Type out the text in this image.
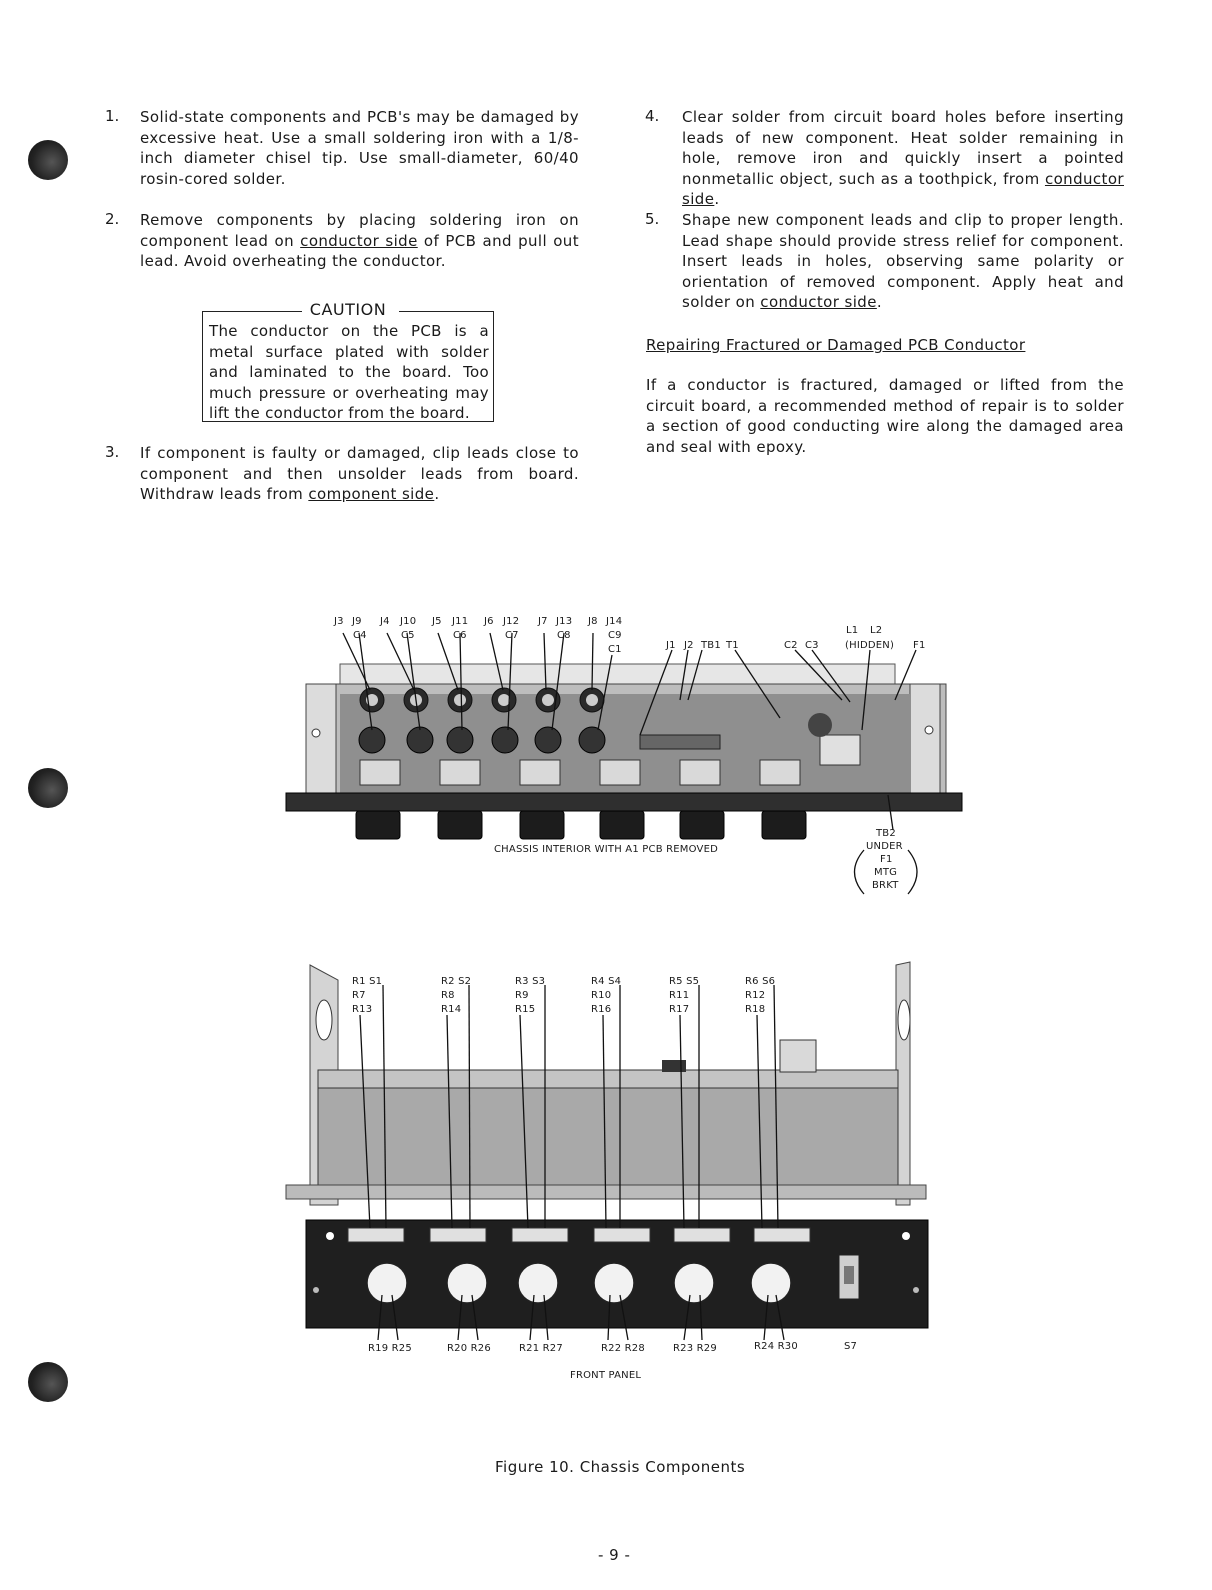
1. Solid-state components and PCB's may be damaged by excessive heat. Use a small soldering iron with a 1/8-inch diameter chisel tip. Use small-diameter, 60/40 rosin-cored solder.
2. Remove components by placing soldering iron on component lead on conductor side of PCB and pull out lead. Avoid overheating the conductor.
CAUTION
The conductor on the PCB is a metal surface plated with solder and laminated to the board. Too much pressure or overheating may lift the conductor from the board.
3. If component is faulty or damaged, clip leads close to component and then unsolder leads from board. Withdraw leads from component side.
4. Clear solder from circuit board holes before inserting leads of new component. Heat solder remaining in hole, remove iron and quickly insert a pointed nonmetallic object, such as a toothpick, from conductor side.
5. Shape new component leads and clip to proper length. Lead shape should provide stress relief for component. Insert leads in holes, observing same polarity or orientation of removed component. Apply heat and solder on conductor side.
Repairing Fractured or Damaged PCB Conductor
If a conductor is fractured, damaged or lifted from the circuit board, a recommended method of repair is to solder a section of good conducting wire along the damaged area and seal with epoxy.
J3 J9 J4 J10 J5 J11 J6 J12 J7 J13 J8 J14
C4	C5	C6	C7	C8	C9
C1	J1 J2 TB1 T1	C2 C3
L1 L2
(HIDDEN) F1
CHASSIS INTERIOR WITH A1 PCB REMOVED
TB2
UNDER
F1
MTG
BRKT
R1 S1
R7
R13
R2 S2
R8
R14
R3 S3
R9
R15
R4 S4
R10
R16
R5 S5
R11
R17
R6 S6
R12
R18
R19 R25	R20 R26	R21 R27	R22 R28	R23 R29	R24 R30	S7
FRONT PANEL
Figure 10. Chassis Components
- 9 -
